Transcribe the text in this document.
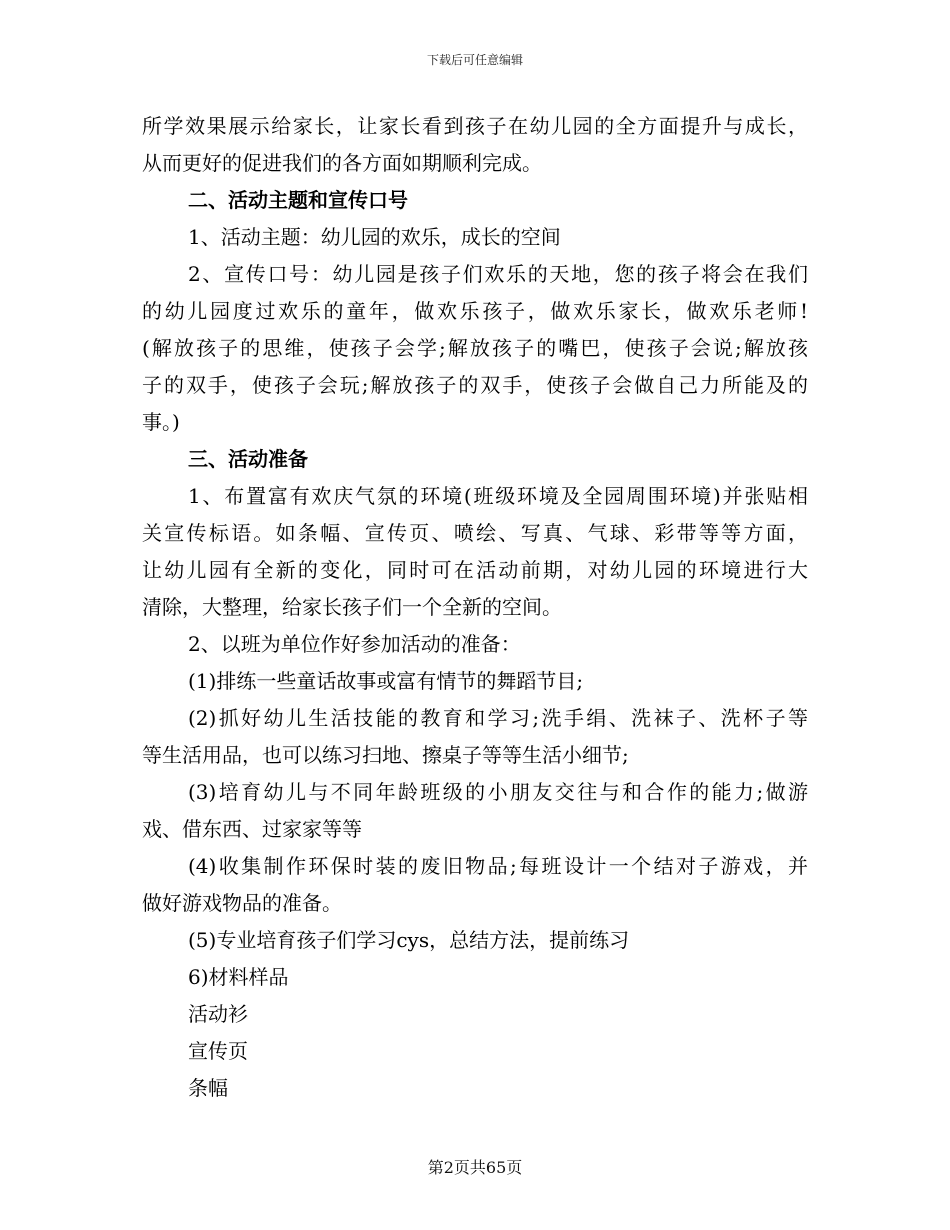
下载后可任意编辑
所学效果展示给家长，让家长看到孩子在幼儿园的全方面提升与成长，
从而更好的促进我们的各方面如期顺利完成。
二、活动主题和宣传口号
1、活动主题：幼儿园的欢乐，成长的空间
2、宣传口号：幼儿园是孩子们欢乐的天地，您的孩子将会在我们
的幼儿园度过欢乐的童年，做欢乐孩子，做欢乐家长，做欢乐老师!
(解放孩子的思维，使孩子会学;解放孩子的嘴巴，使孩子会说;解放孩
子的双手，使孩子会玩;解放孩子的双手，使孩子会做自己力所能及的
事。)
三、活动准备
1、布置富有欢庆气氛的环境(班级环境及全园周围环境)并张贴相
关宣传标语。如条幅、宣传页、喷绘、写真、气球、彩带等等方面，
让幼儿园有全新的变化，同时可在活动前期，对幼儿园的环境进行大
清除，大整理，给家长孩子们一个全新的空间。
2、以班为单位作好参加活动的准备：
(1)排练一些童话故事或富有情节的舞蹈节目;
(2)抓好幼儿生活技能的教育和学习;洗手绢、洗袜子、洗杯子等
等生活用品，也可以练习扫地、擦桌子等等生活小细节;
(3)培育幼儿与不同年龄班级的小朋友交往与和合作的能力;做游
戏、借东西、过家家等等
(4)收集制作环保时装的废旧物品;每班设计一个结对子游戏，并
做好游戏物品的准备。
(5)专业培育孩子们学习cys，总结方法，提前练习
6)材料样品
活动衫
宣传页
条幅
第2页共65页
